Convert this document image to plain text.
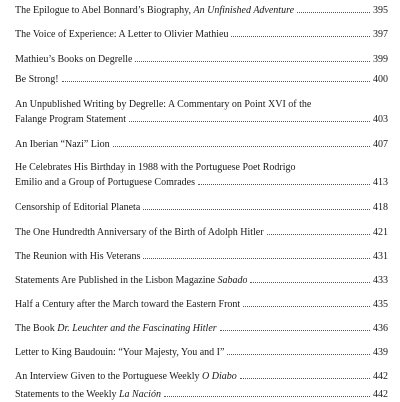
The Epilogue to Abel Bonnard’s Biography, An Unfinished Adventure	395
The Voice of Experience: A Letter to Olivier Mathieu	397
Mathieu’s Books on Degrelle	399
Be Strong!	400
An Unpublished Writing by Degrelle: A Commentary on Point XVI of the
Falange Program Statement	403
An Iberian “Nazi” Lion	407
He Celebrates His Birthday in 1988 with the Portuguese Poet Rodrigo
Emilio and a Group of Portuguese Comrades	413
Censorship of Editorial Planeta	418
The One Hundredth Anniversary of the Birth of Adolph Hitler	421
The Reunion with His Veterans	431
Statements Are Published in the Lisbon Magazine Sabado	433
Half a Century after the March toward the Eastern Front	435
The Book Dr. Leuchter and the Fascinating Hitler	436
Letter to King Baudouin: “Your Majesty, You and I”	439
An Interview Given to the Portuguese Weekly O Diabo	442
Statements to the Weekly La Nación	442
